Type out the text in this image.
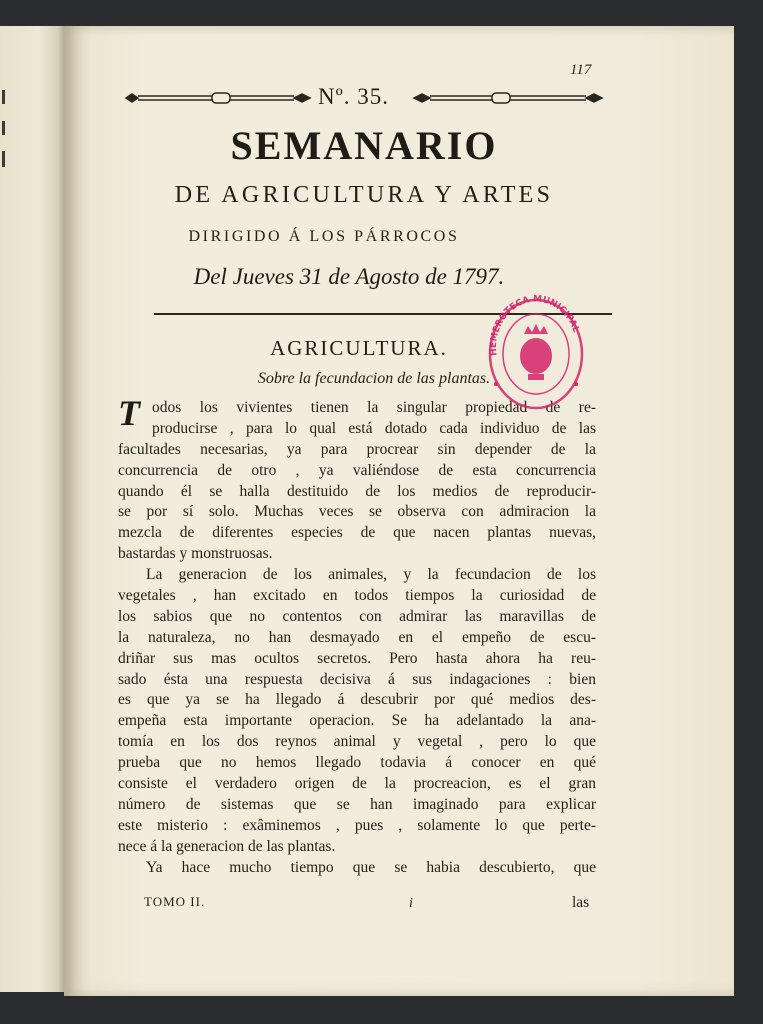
117
Nº. 35.
SEMANARIO
DE AGRICULTURA Y ARTES
DIRIGIDO Á LOS PÁRROCOS
Del Jueves 31 de Agosto de 1797.
AGRICULTURA.
Sobre la fecundacion de las plantas.
T odos los vivientes tienen la singular propiedad de re-
producirse , para lo qual está dotado cada individuo de las
facultades necesarias, ya para procrear sin depender de la
concurrencia de otro , ya valiéndose de esta concurrencia
quando él se halla destituido de los medios de reproducir-
se por sí solo. Muchas veces se observa con admiracion la
mezcla de diferentes especies de que nacen plantas nuevas,
bastardas y monstruosas.
La generacion de los animales, y la fecundacion de los
vegetales , han excitado en todos tiempos la curiosidad de
los sabios que no contentos con admirar las maravillas de
la naturaleza, no han desmayado en el empeño de escu-
driñar sus mas ocultos secretos. Pero hasta ahora ha reu-
sado ésta una respuesta decisiva á sus indagaciones : bien
es que ya se ha llegado á descubrir por qué medios des-
empeña esta importante operacion. Se ha adelantado la ana-
tomía en los dos reynos animal y vegetal , pero lo que
prueba que no hemos llegado todavia á conocer en qué
consiste el verdadero origen de la procreacion, es el gran
número de sistemas que se han imaginado para explicar
este misterio : exâminemos , pues , solamente lo que perte-
nece á la generacion de las plantas.
Ya hace mucho tiempo que se habia descubierto, que
TOMO II.	i	las
HEMEROTECA MUNICIPAL
